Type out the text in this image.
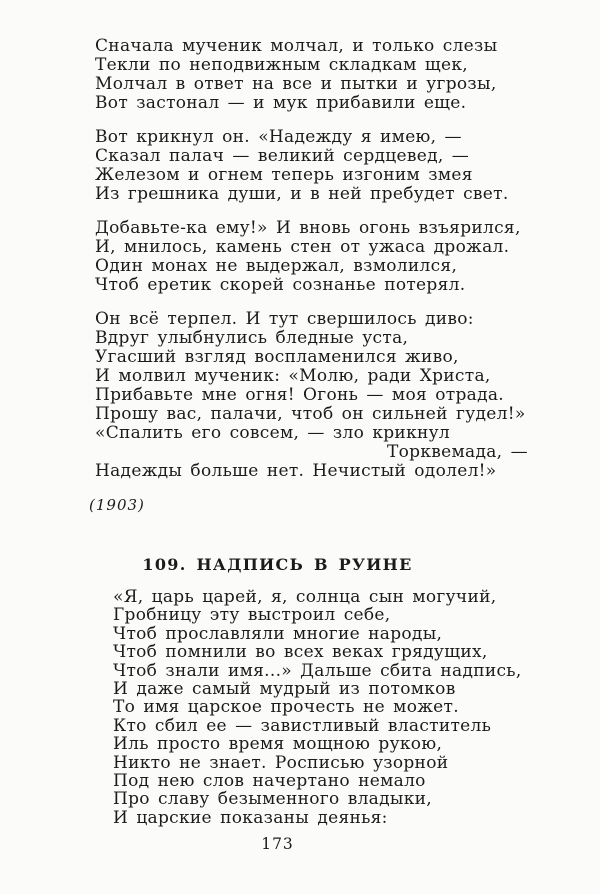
Сначала мученик молчал, и только слезы
Текли по неподвижным складкам щек,
Молчал в ответ на все и пытки и угрозы,
Вот застонал — и мук прибавили еще.
Вот крикнул он. «Надежду я имею, —
Сказал палач — великий сердцевед, —
Железом и огнем теперь изгоним змея
Из грешника души, и в ней пребудет свет.
Добавьте-ка ему!» И вновь огонь взъярился,
И, мнилось, камень стен от ужаса дрожал.
Один монах не выдержал, взмолился,
Чтоб еретик скорей сознанье потерял.
Он всё терпел. И тут свершилось диво:
Вдруг улыбнулись бледные уста,
Угасший взгляд воспламенился живо,
И молвил мученик: «Молю, ради Христа,
Прибавьте мне огня! Огонь — моя отрада.
Прошу вас, палачи, чтоб он сильней гудел!»
«Спалить его совсем, — зло крикнул
Торквемада, —
Надежды больше нет. Нечистый одолел!»
(1903)
109. НАДПИСЬ В РУИНЕ
«Я, царь царей, я, солнца сын могучий,
Гробницу эту выстроил себе,
Чтоб прославляли многие народы,
Чтоб помнили во всех веках грядущих,
Чтоб знали имя...» Дальше сбита надпись,
И даже самый мудрый из потомков
То имя царское прочесть не может.
Кто сбил ее — завистливый властитель
Иль просто время мощною рукою,
Никто не знает. Росписью узорной
Под нею слов начертано немало
Про славу безыменного владыки,
И царские показаны деянья:
173
